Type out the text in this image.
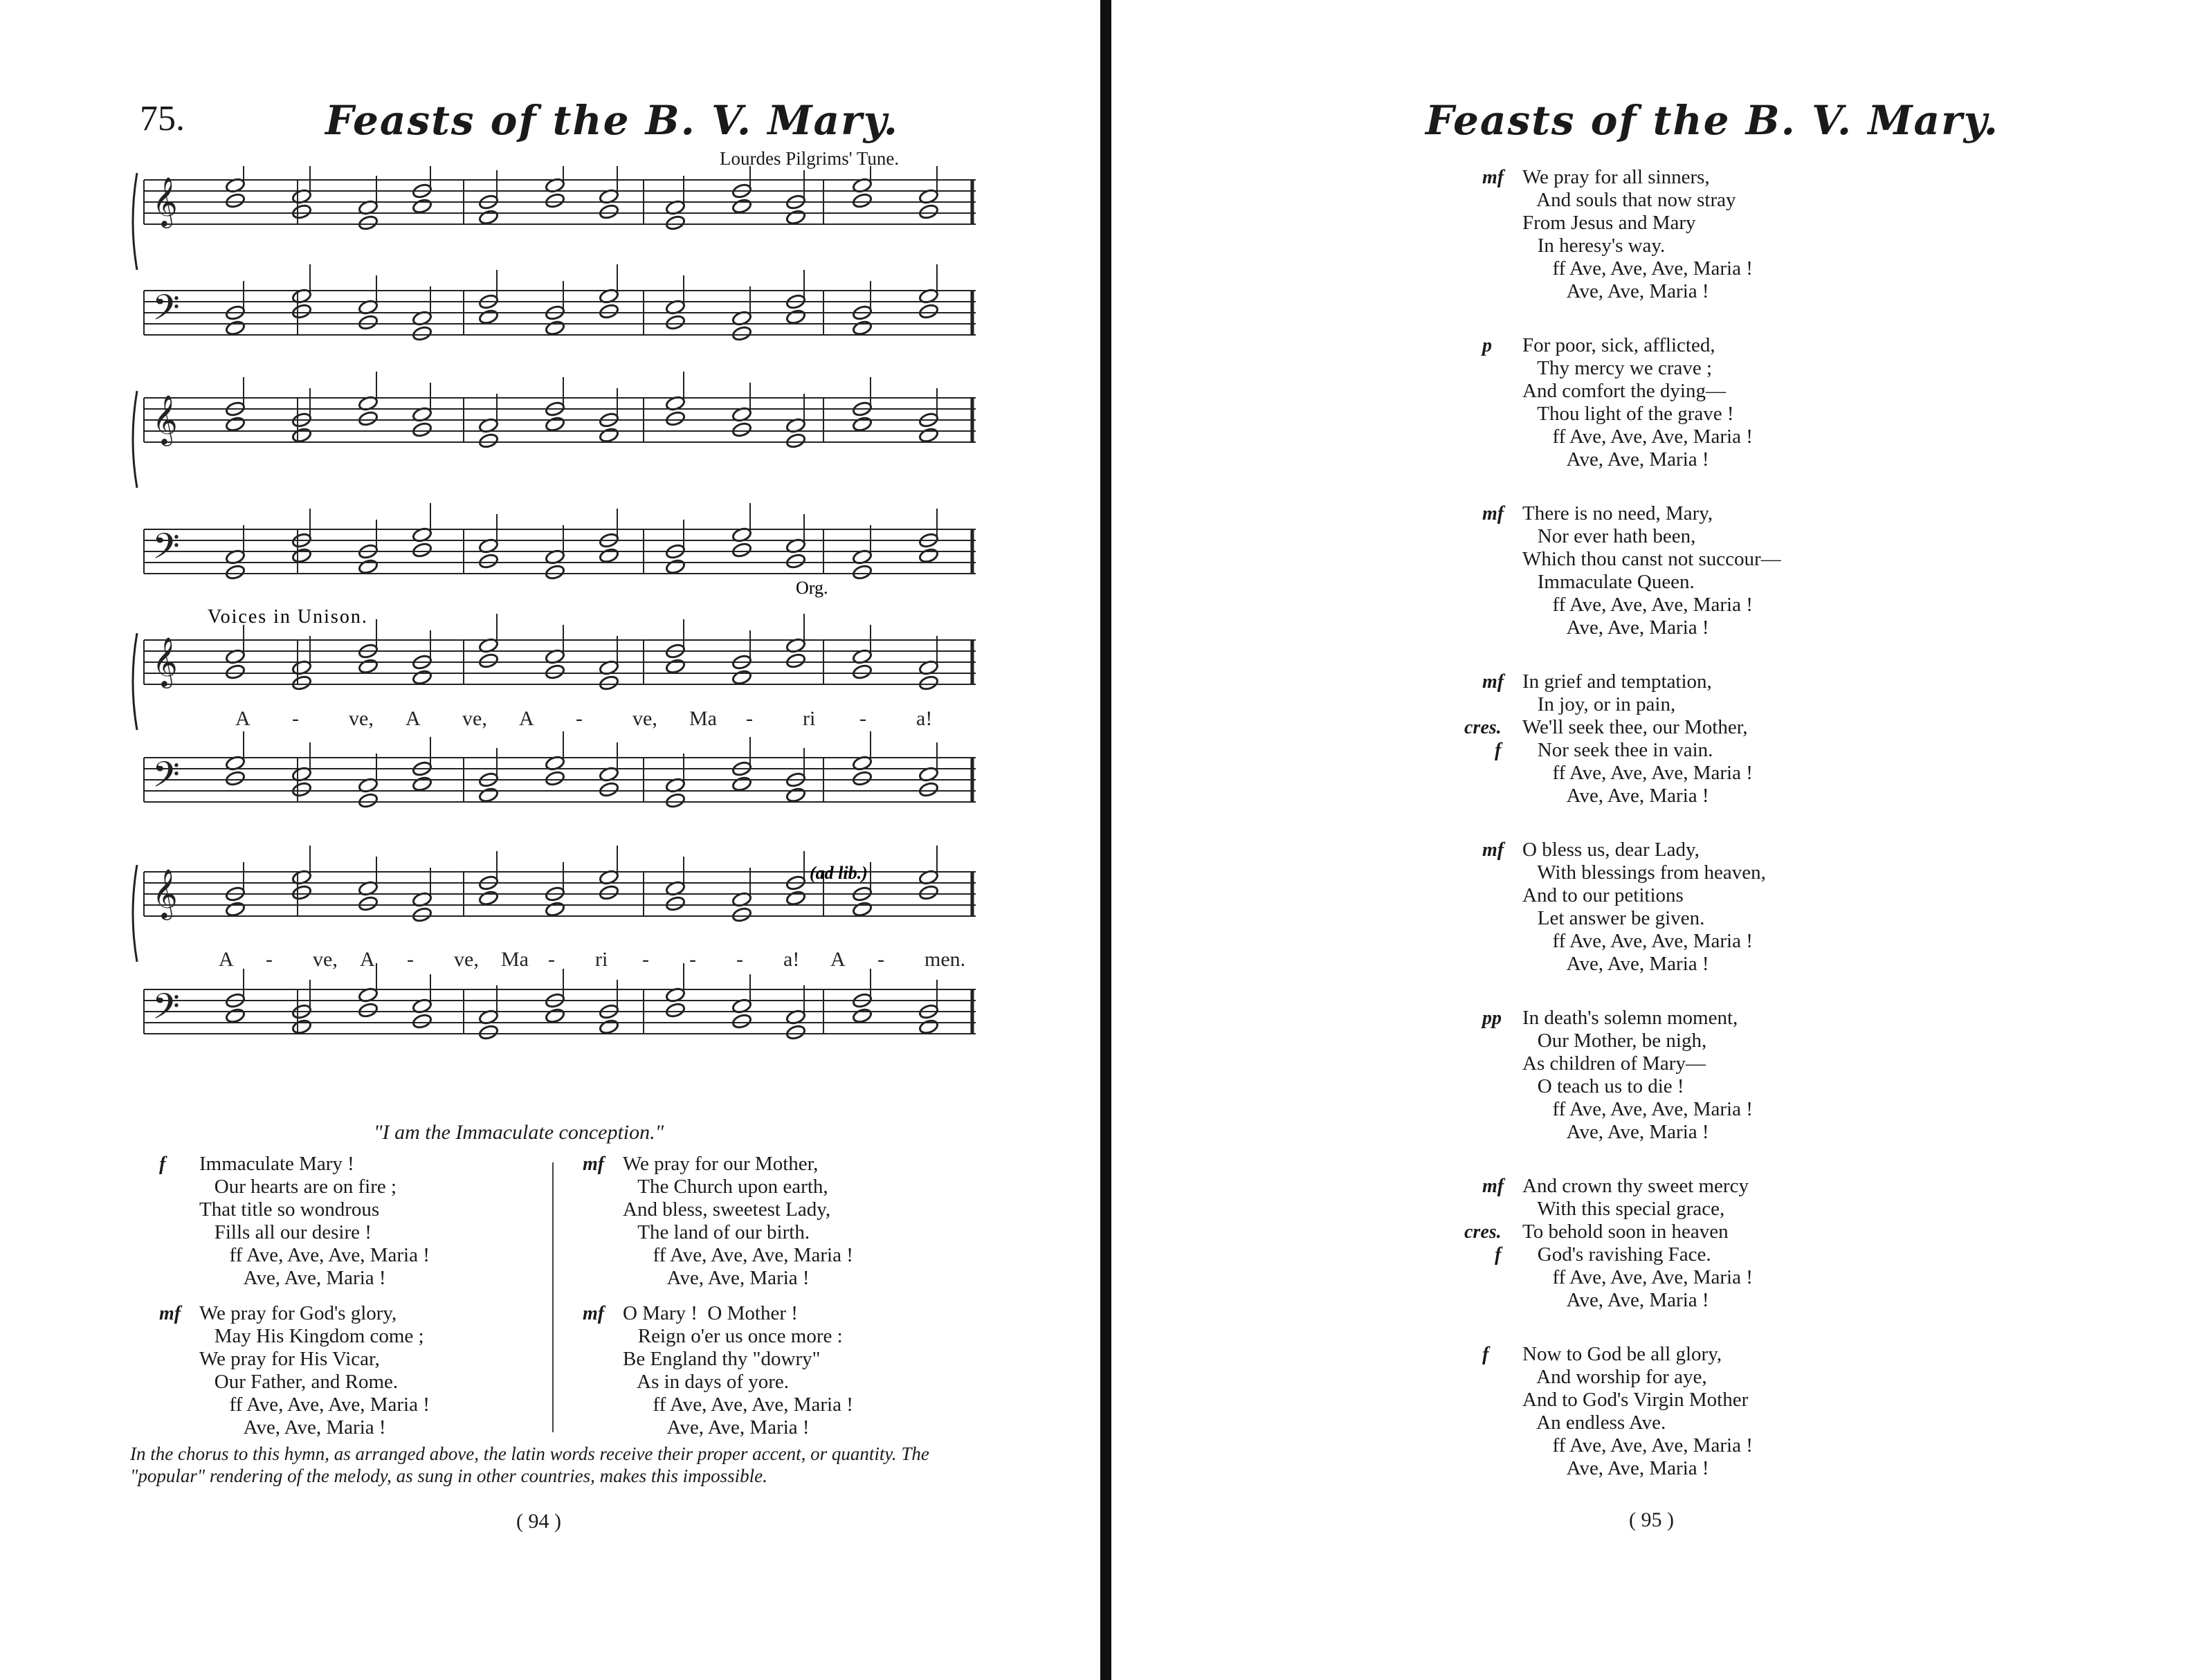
75.	Feasts of the B. V. Mary.
Lourdes Pilgrims' Tune.
𝄞
𝄢
𝄞
𝄢
𝄞
𝄢
𝄞
𝄢
Org.
Voices in Unison.
(ad lib.)
A - ve, A ve, A - ve, Ma - ri - a!
A - ve, A - ve, Ma - ri - - - a! A - men.
"I am the Immaculate conception."
f Immaculate Mary !
Our hearts are on fire ;
That title so wondrous
Fills all our desire !
ff Ave, Ave, Ave, Maria !
Ave, Ave, Maria !
mf We pray for God's glory,
May His Kingdom come ;
We pray for His Vicar,
Our Father, and Rome.
ff Ave, Ave, Ave, Maria !
Ave, Ave, Maria !
mf We pray for our Mother,
The Church upon earth,
And bless, sweetest Lady,
The land of our birth.
ff Ave, Ave, Ave, Maria !
Ave, Ave, Maria !
mf O Mary !  O Mother !
Reign o'er us once more :
Be England thy "dowry"
As in days of yore.
ff Ave, Ave, Ave, Maria !
Ave, Ave, Maria !
In the chorus to this hymn, as arranged above, the latin words receive their proper accent, or quantity. The "popular" rendering of the melody, as sung in other countries, makes this impossible.
( 94 )
Feasts of the B. V. Mary.
mf We pray for all sinners,
And souls that now stray
From Jesus and Mary
In heresy's way.
ff Ave, Ave, Ave, Maria !
Ave, Ave, Maria !
p For poor, sick, afflicted,
Thy mercy we crave ;
And comfort the dying—
Thou light of the grave !
ff Ave, Ave, Ave, Maria !
Ave, Ave, Maria !
mf There is no need, Mary,
Nor ever hath been,
Which thou canst not succour—
Immaculate Queen.
ff Ave, Ave, Ave, Maria !
Ave, Ave, Maria !
mf In grief and temptation,
In joy, or in pain,
We'll seek thee, our Mother,
cres.
Nor seek thee in vain.
f
ff Ave, Ave, Ave, Maria !
Ave, Ave, Maria !
mf O bless us, dear Lady,
With blessings from heaven,
And to our petitions
Let answer be given.
ff Ave, Ave, Ave, Maria !
Ave, Ave, Maria !
pp In death's solemn moment,
Our Mother, be nigh,
As children of Mary—
O teach us to die !
ff Ave, Ave, Ave, Maria !
Ave, Ave, Maria !
mf And crown thy sweet mercy
With this special grace,
To behold soon in heaven
cres.
God's ravishing Face.
f
ff Ave, Ave, Ave, Maria !
Ave, Ave, Maria !
f Now to God be all glory,
And worship for aye,
And to God's Virgin Mother
An endless Ave.
ff Ave, Ave, Ave, Maria !
Ave, Ave, Maria !
( 95 )
